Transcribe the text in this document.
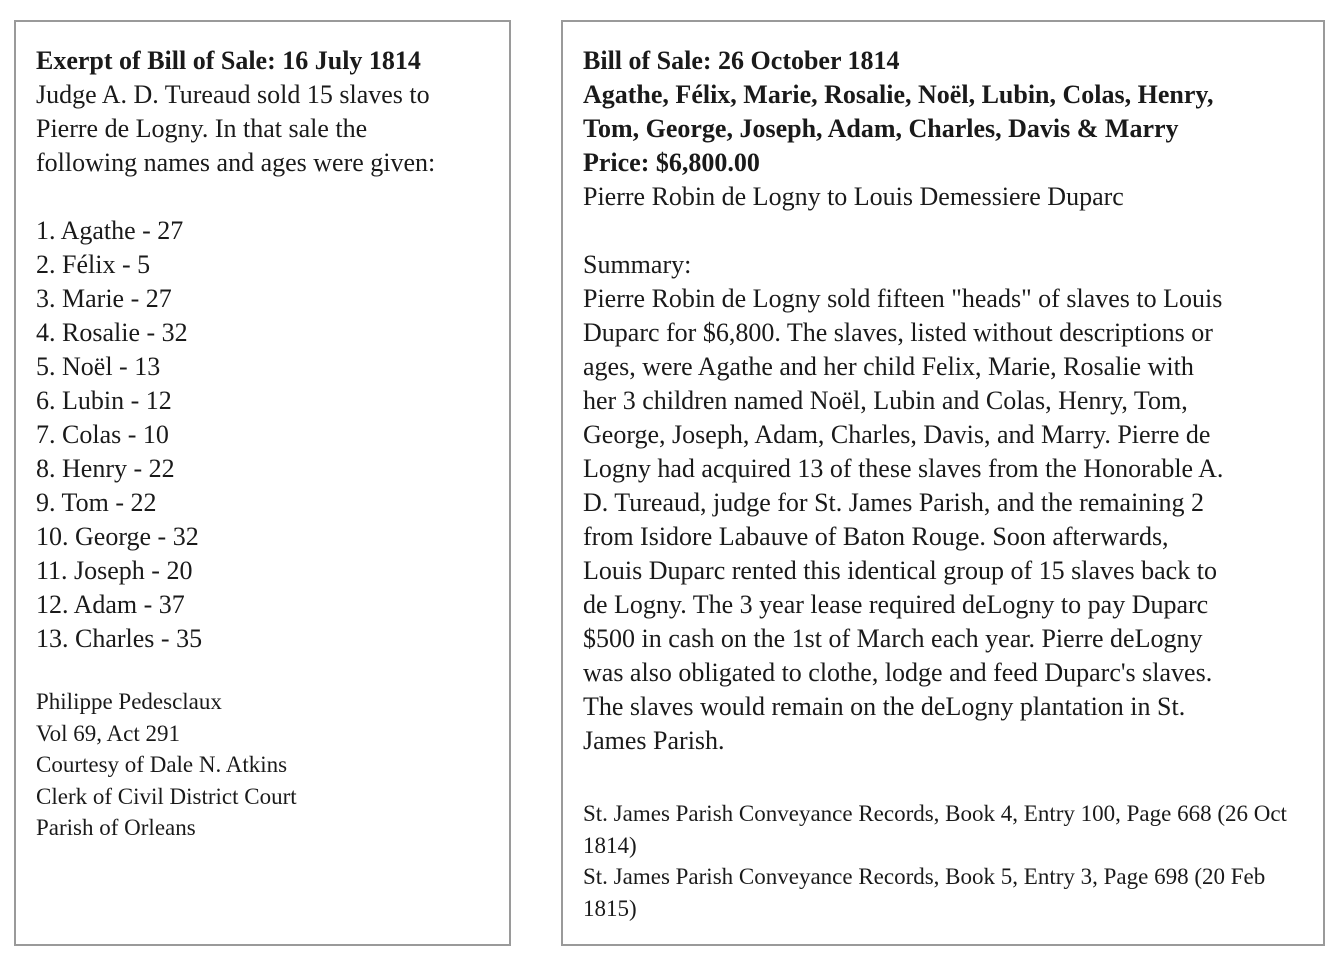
Exerpt of Bill of Sale: 16 July 1814
Judge A. D. Tureaud sold 15 slaves to
Pierre de Logny. In that sale the
following names and ages were given:
1. Agathe - 27
2. Félix - 5
3. Marie - 27
4. Rosalie - 32
5. Noël - 13
6. Lubin - 12
7. Colas - 10
8. Henry - 22
9. Tom - 22
10. George - 32
11. Joseph - 20
12. Adam - 37
13. Charles - 35
Philippe Pedesclaux
Vol 69, Act 291
Courtesy of Dale N. Atkins
Clerk of Civil District Court
Parish of Orleans
Bill of Sale: 26 October 1814
Agathe, Félix, Marie, Rosalie, Noël, Lubin, Colas, Henry,
Tom, George, Joseph, Adam, Charles, Davis & Marry
Price: $6,800.00
Pierre Robin de Logny to Louis Demessiere Duparc
Summary:
Pierre Robin de Logny sold fifteen "heads" of slaves to Louis
Duparc for $6,800. The slaves, listed without descriptions or
ages, were Agathe and her child Felix, Marie, Rosalie with
her 3 children named Noël, Lubin and Colas, Henry, Tom,
George, Joseph, Adam, Charles, Davis, and Marry. Pierre de
Logny had acquired 13 of these slaves from the Honorable A.
D. Tureaud, judge for St. James Parish, and the remaining 2
from Isidore Labauve of Baton Rouge. Soon afterwards,
Louis Duparc rented this identical group of 15 slaves back to
de Logny. The 3 year lease required deLogny to pay Duparc
$500 in cash on the 1st of March each year. Pierre deLogny
was also obligated to clothe, lodge and feed Duparc's slaves.
The slaves would remain on the deLogny plantation in St.
James Parish.
St. James Parish Conveyance Records, Book 4, Entry 100, Page 668 (26 Oct 1814)
St. James Parish Conveyance Records, Book 5, Entry 3, Page 698 (20 Feb 1815)
